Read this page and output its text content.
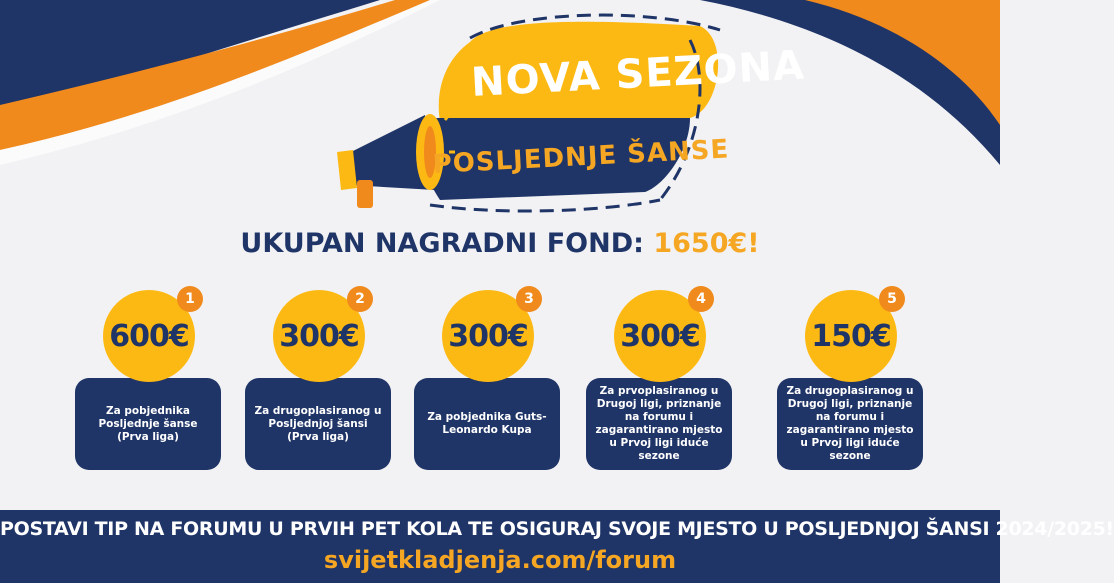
NOVA SEZONA
POSLJEDNJE ŠANSE
UKUPAN NAGRADNI FOND: 1650€!
Za pobjednika Posljednje šanse (Prva liga)
600€
1
Za drugoplasiranog u Posljednjoj šansi (Prva liga)
300€
2
Za pobjednika Guts-Leonardo Kupa
300€
3
Za prvoplasiranog u Drugoj ligi, priznanje na forumu i zagarantirano mjesto u Prvoj ligi iduće sezone
300€
4
Za drugoplasiranog u Drugoj ligi, priznanje na forumu i zagarantirano mjesto u Prvoj ligi iduće sezone
150€
5
POSTAVI TIP NA FORUMU U PRVIH PET KOLA TE OSIGURAJ SVOJE MJESTO U POSLJEDNJOJ ŠANSI 2024/2025!
svijetkladjenja.com/forum
